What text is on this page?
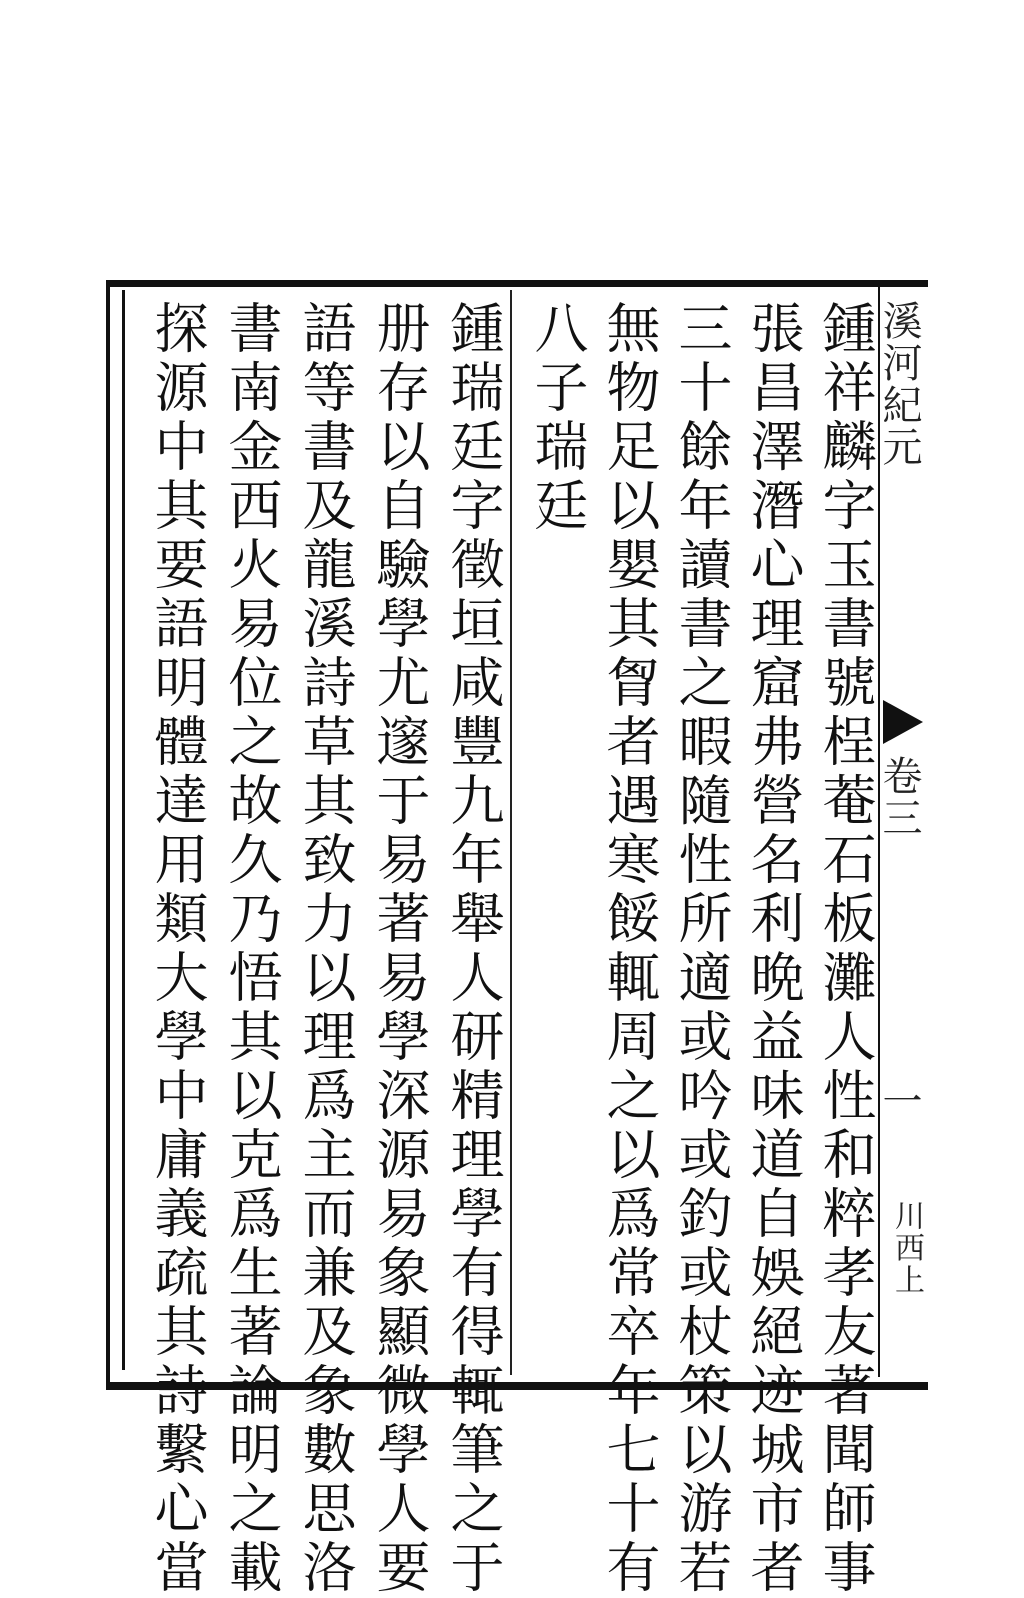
溪河紀元
卷三
一
川西上
鍾祥麟字玉書號桯菴石板灘人性和粹孝友著聞師事
張昌澤潛心理窟弗營名利晩益味道自娛絕迹城市者
三十餘年讀書之暇隨性所適或吟或釣或杖策以游若
無物足以嬰其胷者遇寒餒輒周之以爲常卒年七十有
八子瑞廷
鍾瑞廷字徵垣咸豐九年舉人研精理學有得輒筆之于
册存以自驗學尤邃于易著易學深源易象顯微學人要
語等書及龍溪詩草其致力以理爲主而兼及象數思洛
書南金西火易位之故久乃悟其以克爲生著論明之載
探源中其要語明體達用類大學中庸義疏其詩繫心當
